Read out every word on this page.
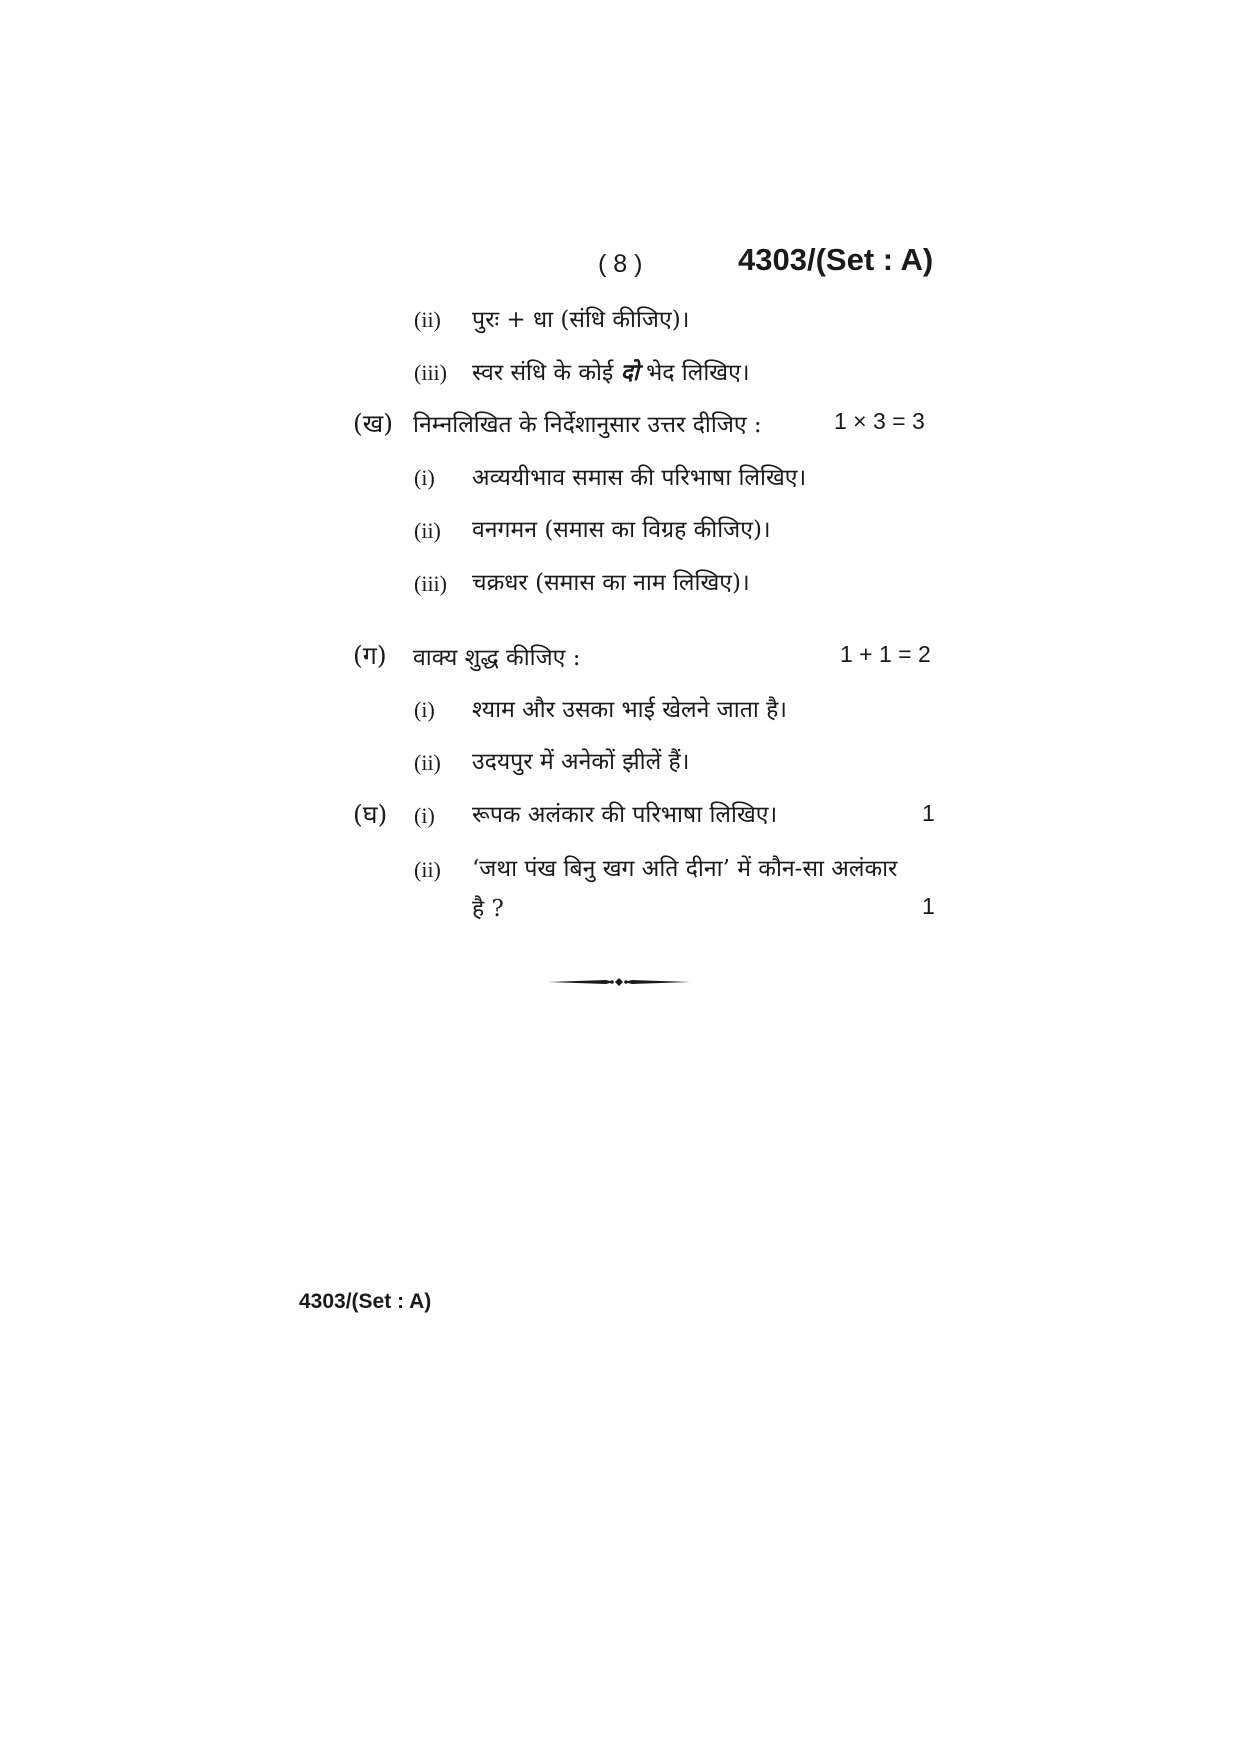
( 8 )	4303/(Set : A)
(ii) पुरः + धा (संधि कीजिए)।
(iii) स्वर संधि के कोई दो भेद लिखिए।
(ख) निम्नलिखित के निर्देशानुसार उत्तर दीजिए :	1 × 3 = 3
(i) अव्ययीभाव समास की परिभाषा लिखिए।
(ii) वनगमन (समास का विग्रह कीजिए)।
(iii) चक्रधर (समास का नाम लिखिए)।
(ग) वाक्य शुद्ध कीजिए :	1 + 1 = 2
(i) श्याम और उसका भाई खेलने जाता है।
(ii) उदयपुर में अनेकों झीलें हैं।
(घ) (i) रूपक अलंकार की परिभाषा लिखिए।	1
(ii) ‘जथा पंख बिनु खग अति दीना’ में कौन-सा अलंकार
है ?	1
4303/(Set : A)
